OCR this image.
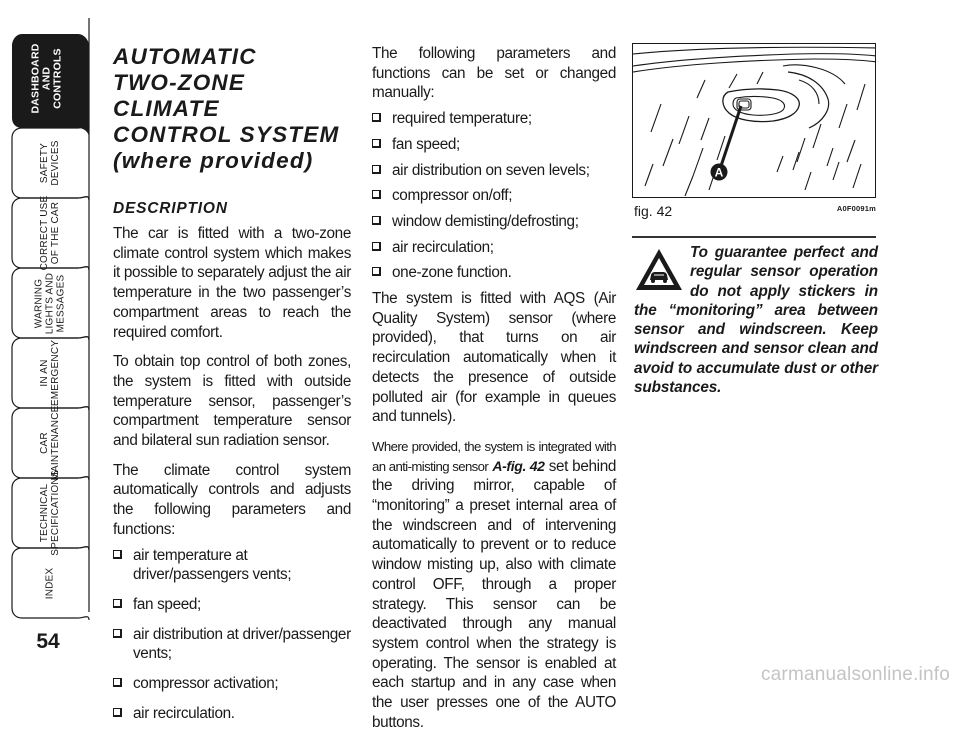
DASHBOARD
AND
CONTROLS
SAFETY
DEVICES
CORRECT USE
OF THE CAR
WARNING
LIGHTS AND
MESSAGES
IN AN
EMERGENCY
CAR
MAINTENANCE
TECHNICAL
SPECIFICATIONS
INDEX
54
AUTOMATIC
TWO-ZONE CLIMATE
CONTROL SYSTEM
(where provided)
DESCRIPTION

The car is fitted with a two-zone climate control system which makes it possible to separately adjust the air temperature in the two passenger’s compartment areas to reach the required comfort.

To obtain top control of both zones, the system is fitted with outside temperature sensor, passenger’s compartment temperature sensor and bilateral sun radiation sensor.

The climate control system automatically controls and adjusts the following parameters and functions:

air temperature at driver/passengers vents;
fan speed;
air distribution at driver/passenger vents;
compressor activation;
air recirculation.

The following parameters and functions can be set or changed manually:

required temperature;
fan speed;
air distribution on seven levels;
compressor on/off;
window demisting/defrosting;
air recirculation;
one-zone function.

The system is fitted with AQS (Air Quality System) sensor (where provided), that turns on air recirculation automatically when it detects the presence of outside polluted air (for example in queues and tunnels).

Where provided, the system is integrated with an anti-misting sensor A-fig. 42 set behind the driving mirror, capable of “monitoring” a preset internal area of the windscreen and of intervening automatically to prevent or to reduce window misting up, also with climate control OFF, through a proper strategy. This sensor can be deactivated through any manual system control when the strategy is operating. The sensor is enabled at each startup and in any case when the user presses one of the AUTO buttons.

A
fig. 42	A0F0091m
To guarantee perfect and regular sensor operation do not apply stickers in the “monitoring” area between sensor and windscreen. Keep windscreen and sensor clean and avoid to accumulate dust or other substances.
carmanualsonline.info
